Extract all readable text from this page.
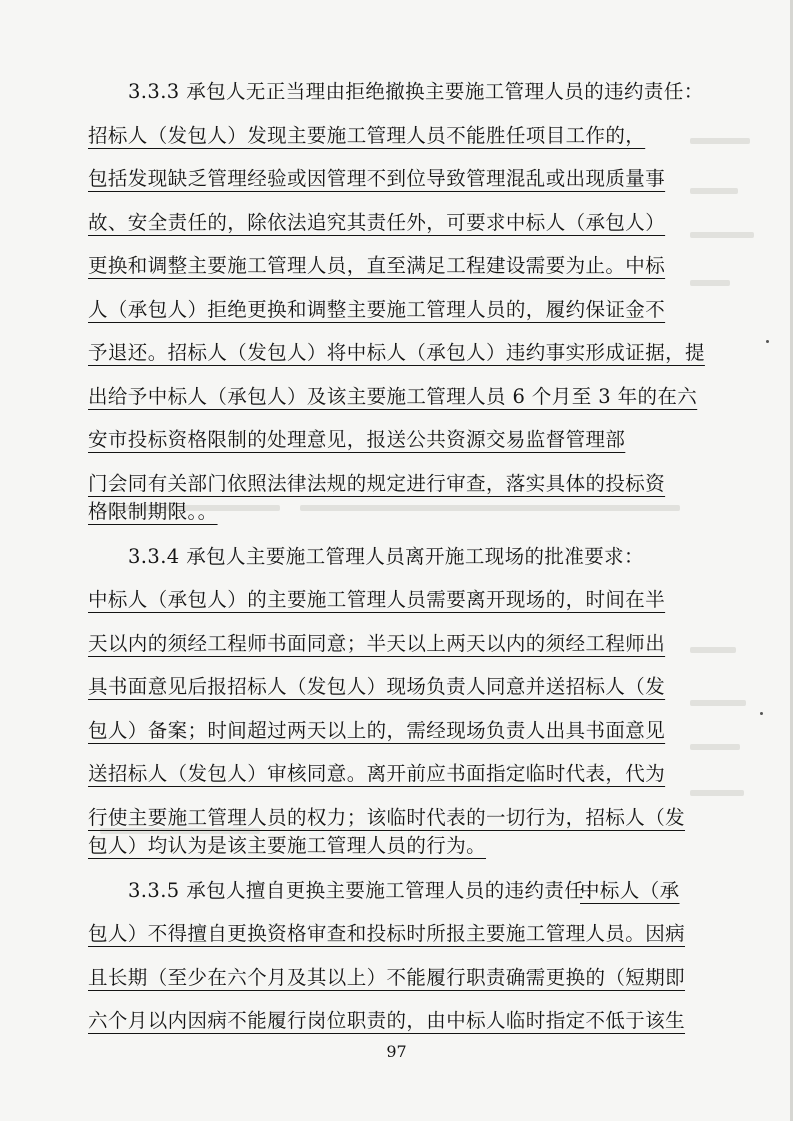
3.3.3 承包人无正当理由拒绝撤换主要施工管理人员的违约责任：
招标人（发包人）发现主要施工管理人员不能胜任项目工作的，
包括发现缺乏管理经验或因管理不到位导致管理混乱或出现质量事
故、安全责任的，除依法追究其责任外，可要求中标人（承包人）
更换和调整主要施工管理人员，直至满足工程建设需要为止。中标
人（承包人）拒绝更换和调整主要施工管理人员的，履约保证金不
予退还。招标人（发包人）将中标人（承包人）违约事实形成证据，提
出给予中标人（承包人）及该主要施工管理人员 6 个月至 3 年的在六
安市投标资格限制的处理意见，报送公共资源交易监督管理部
门会同有关部门依照法律法规的规定进行审查，落实具体的投标资
格限制期限。。
3.3.4 承包人主要施工管理人员离开施工现场的批准要求：
中标人（承包人）的主要施工管理人员需要离开现场的，时间在半
天以内的须经工程师书面同意；半天以上两天以内的须经工程师出
具书面意见后报招标人（发包人）现场负责人同意并送招标人（发
包人）备案；时间超过两天以上的，需经现场负责人出具书面意见
送招标人（发包人）审核同意。离开前应书面指定临时代表，代为
行使主要施工管理人员的权力；该临时代表的一切行为，招标人（发
包人）均认为是该主要施工管理人员的行为。
3.3.5 承包人擅自更换主要施工管理人员的违约责任：
中标人（承
包人）不得擅自更换资格审查和投标时所报主要施工管理人员。因病
且长期（至少在六个月及其以上）不能履行职责确需更换的（短期即
六个月以内因病不能履行岗位职责的，由中标人临时指定不低于该生
97
